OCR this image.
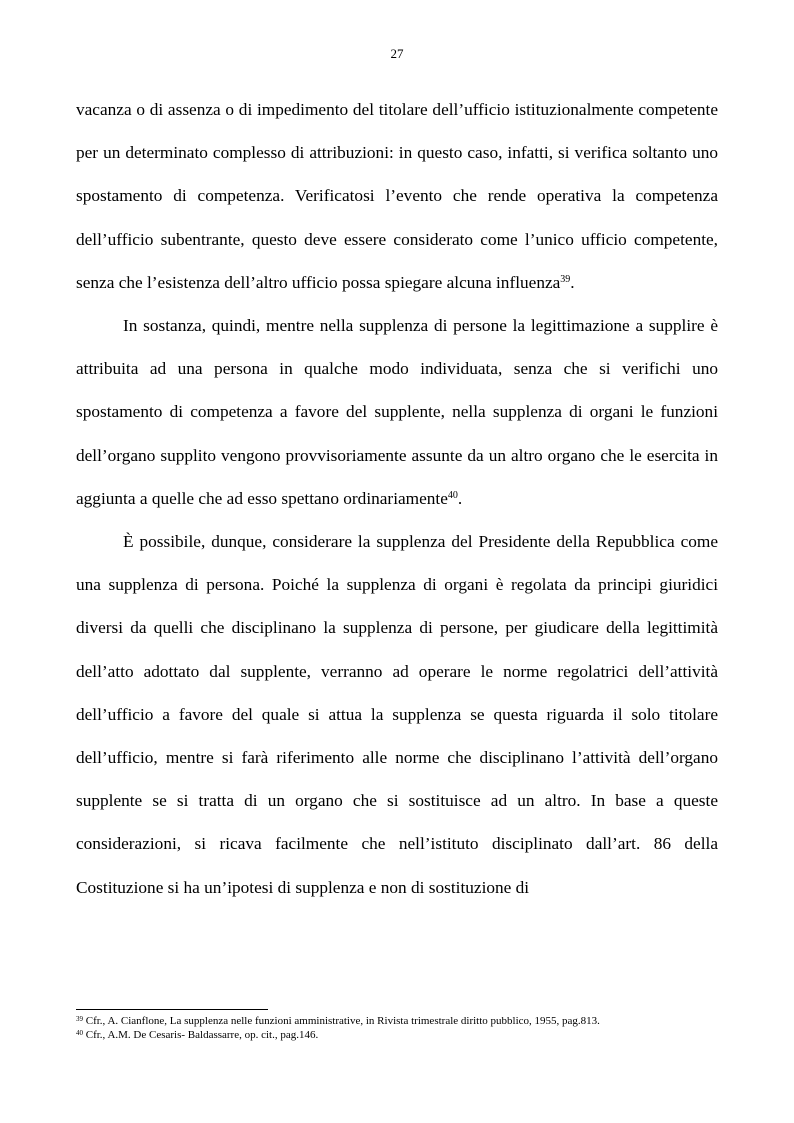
27

vacanza o di assenza o di impedimento del titolare dell’ufficio istituzionalmente competente per un determinato complesso di attribuzioni: in questo caso, infatti, si verifica soltanto uno spostamento di competenza. Verificatosi l’evento che rende operativa la competenza dell’ufficio subentrante, questo deve essere considerato come l’unico ufficio competente, senza che l’esistenza dell’altro ufficio possa spiegare alcuna influenza$^{39}$.

In sostanza, quindi, mentre nella supplenza di persone la legittimazione a supplire è attribuita ad una persona in qualche modo individuata, senza che si verifichi uno spostamento di competenza a favore del supplente, nella supplenza di organi le funzioni dell’organo supplito vengono provvisoriamente assunte da un altro organo che le esercita in aggiunta a quelle che ad esso spettano ordinariamente$^{40}$.

È possibile, dunque, considerare la supplenza del Presidente della Repubblica come una supplenza di persona. Poiché la supplenza di organi è regolata da principi giuridici diversi da quelli che disciplinano la supplenza di persone, per giudicare della legittimità dell’atto adottato dal supplente, verranno ad operare le norme regolatrici dell’attività dell’ufficio a favore del quale si attua la supplenza se questa riguarda il solo titolare dell’ufficio, mentre si farà riferimento alle norme che disciplinano l’attività dell’organo supplente se si tratta di un organo che si sostituisce ad un altro. In base a queste considerazioni, si ricava facilmente che nell’istituto disciplinato dall’art. 86 della Costituzione si ha un’ipotesi di supplenza e non di sostituzione di

$^{39}$ Cfr., A. Cianflone, La supplenza nelle funzioni amministrative, in Rivista trimestrale diritto pubblico, 1955, pag.813.
$^{40}$ Cfr., A.M. De Cesaris- Baldassarre, op. cit., pag.146.
